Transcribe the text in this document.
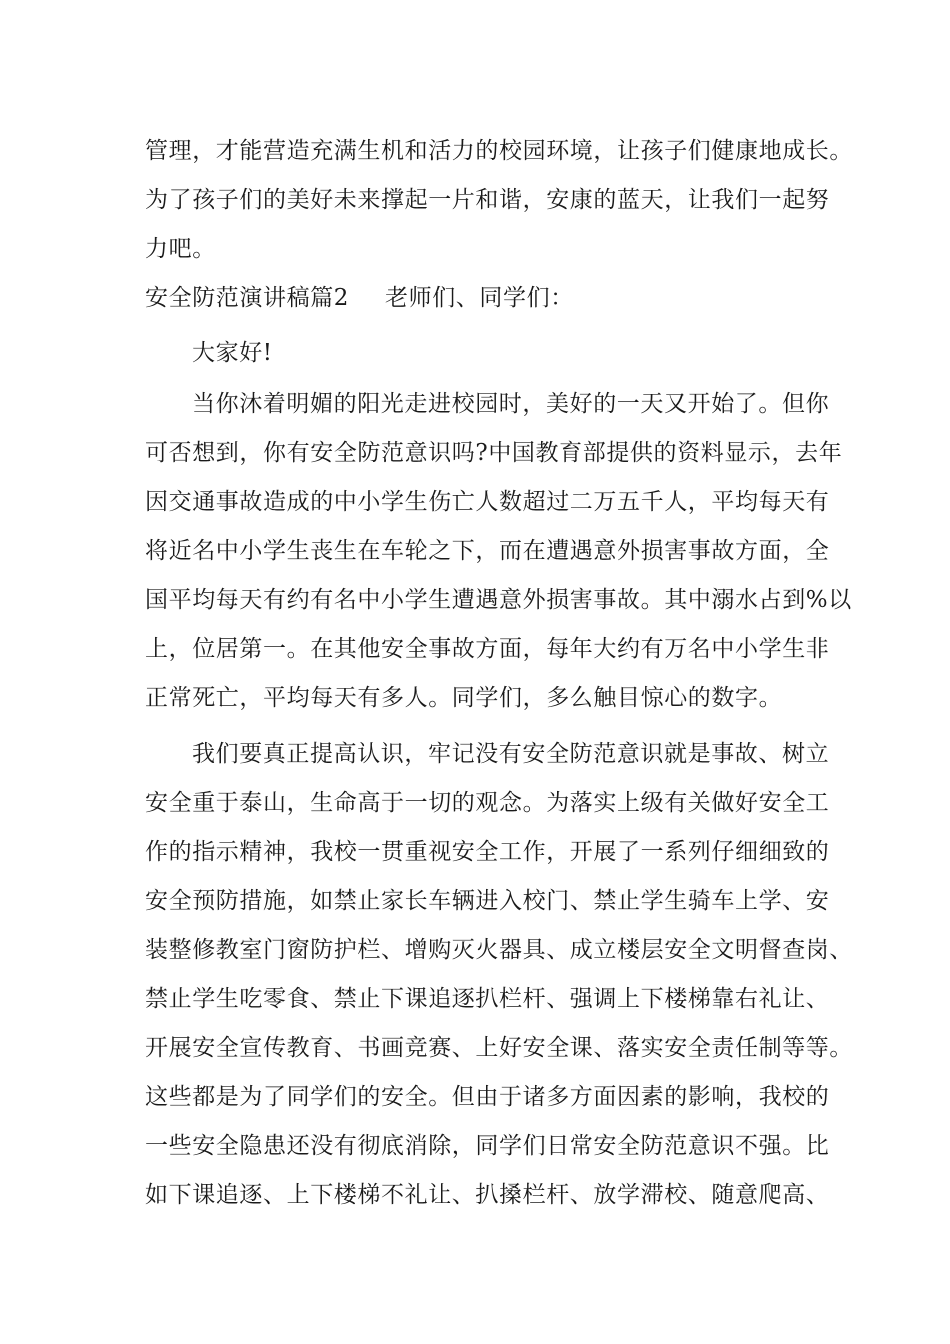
管理，才能营造充满生机和活力的校园环境，让孩子们健康地成长。
为了孩子们的美好未来撑起一片和谐，安康的蓝天，让我们一起努
力吧。
安全防范演讲稿篇2 老师们、同学们：
大家好!
当你沐着明媚的阳光走进校园时，美好的一天又开始了。但你
可否想到，你有安全防范意识吗?中国教育部提供的资料显示，去年
因交通事故造成的中小学生伤亡人数超过二万五千人，平均每天有
将近名中小学生丧生在车轮之下，而在遭遇意外损害事故方面，全
国平均每天有约有名中小学生遭遇意外损害事故。其中溺水占到%以
上，位居第一。在其他安全事故方面，每年大约有万名中小学生非
正常死亡，平均每天有多人。同学们，多么触目惊心的数字。
我们要真正提高认识，牢记没有安全防范意识就是事故、树立
安全重于泰山，生命高于一切的观念。为落实上级有关做好安全工
作的指示精神，我校一贯重视安全工作，开展了一系列仔细细致的
安全预防措施，如禁止家长车辆进入校门、禁止学生骑车上学、安
装整修教室门窗防护栏、增购灭火器具、成立楼层安全文明督查岗、
禁止学生吃零食、禁止下课追逐扒栏杆、强调上下楼梯靠右礼让、
开展安全宣传教育、书画竞赛、上好安全课、落实安全责任制等等。
这些都是为了同学们的安全。但由于诸多方面因素的影响，我校的
一些安全隐患还没有彻底消除，同学们日常安全防范意识不强。比
如下课追逐、上下楼梯不礼让、扒搡栏杆、放学滞校、随意爬高、
